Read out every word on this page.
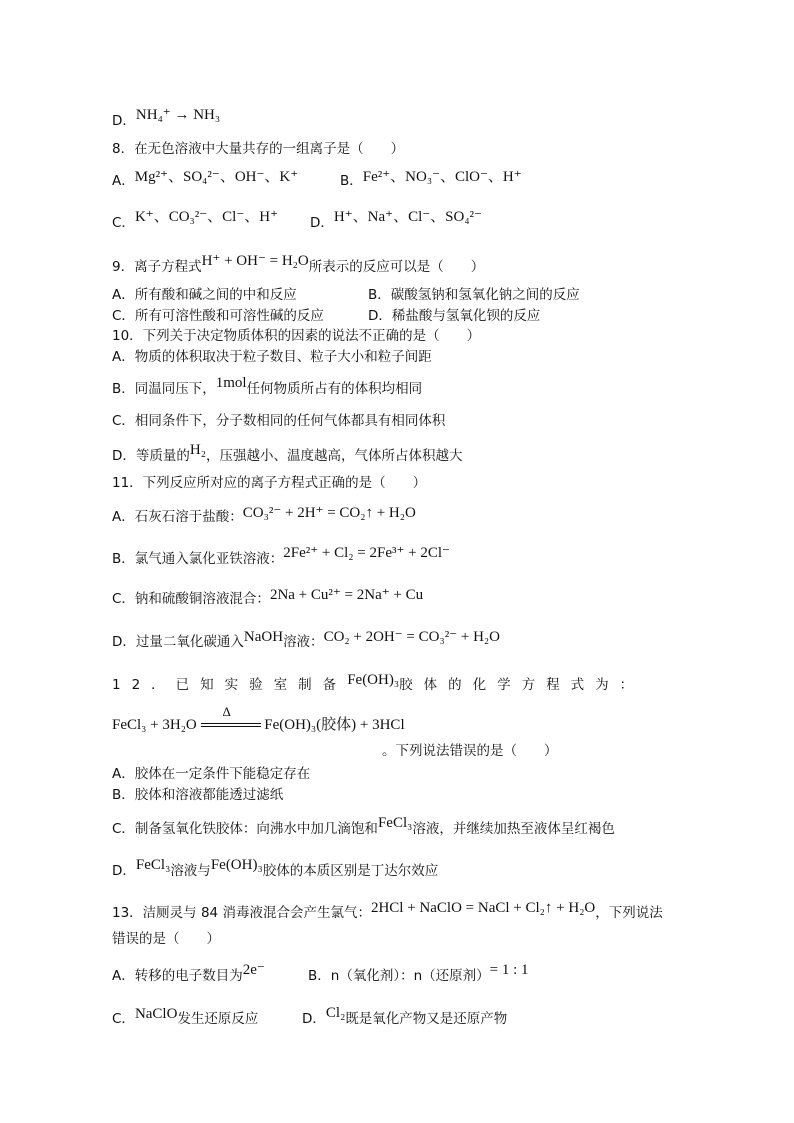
D．NH₄⁺ → NH₃
8．在无色溶液中大量共存的一组离子是（　　）
A．Mg²⁺、SO₄²⁻、OH⁻、K⁺	B．Fe²⁺、NO₃⁻、ClO⁻、H⁺
C．K⁺、CO₃²⁻、Cl⁻、H⁺ D．H⁺、Na⁺、Cl⁻、SO₄²⁻
9．离子方程式H⁺ + OH⁻ = H₂O所表示的反应可以是（　　）
A．所有酸和碱之间的中和反应	B．碳酸氢钠和氢氧化钠之间的反应
C．所有可溶性酸和可溶性碱的反应	D．稀盐酸与氢氧化钡的反应
10．下列关于决定物质体积的因素的说法不正确的是（　　）
A．物质的体积取决于粒子数目、粒子大小和粒子间距
B．同温同压下，1mol任何物质所占有的体积均相同
C．相同条件下，分子数相同的任何气体都具有相同体积
D．等质量的H₂，压强越小、温度越高，气体所占体积越大
11．下列反应所对应的离子方程式正确的是（　　）
A．石灰石溶于盐酸：CO₃²⁻ + 2H⁺ = CO₂↑ + H₂O
B．氯气通入氯化亚铁溶液：2Fe²⁺ + Cl₂ = 2Fe³⁺ + 2Cl⁻
C．钠和硫酸铜溶液混合：2Na + Cu²⁺ = 2Na⁺ + Cu
D．过量二氧化碳通入NaOH溶液：CO₂ + 2OH⁻ = CO₃²⁻ + H₂O
12．已知实验室制备Fe(OH)₃胶体的化学方程式为：
FeCl₃ + 3H₂O
Δ
Fe(OH)₃(胶体) + 3HCl
。下列说法错误的是（　　）
A．胶体在一定条件下能稳定存在
B．胶体和溶液都能透过滤纸
C．制备氢氧化铁胶体：向沸水中加几滴饱和FeCl₃溶液，并继续加热至液体呈红褐色
D．FeCl₃溶液与Fe(OH)₃胶体的本质区别是丁达尔效应
13．洁厕灵与 84 消毒液混合会产生氯气：2HCl + NaClO = NaCl + Cl₂↑ + H₂O，下列说法
错误的是（　　）
A．转移的电子数目为2e⁻	B．n（氧化剂）：n（还原剂）= 1 : 1
C．NaClO发生还原反应	D．Cl₂既是氧化产物又是还原产物
